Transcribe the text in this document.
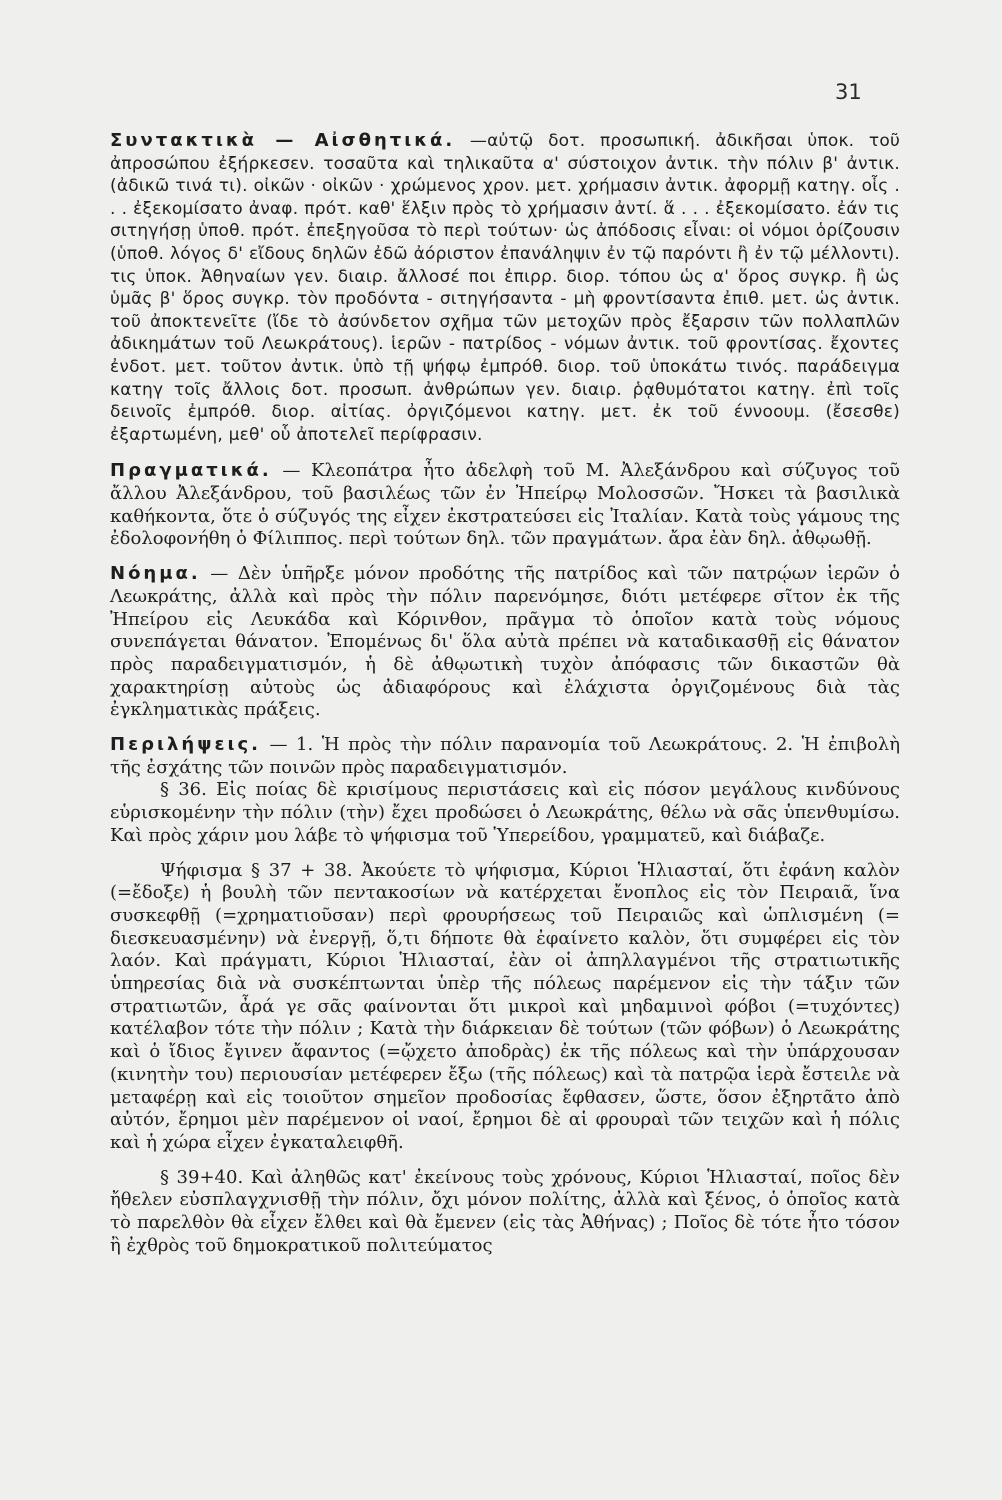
31

Συντακτικὰ — Αἰσθητικά. —αὐτῷ δοτ. προσωπική. ἀδικῆσαι ὑποκ. τοῦ ἀπροσώπου ἐξήρκεσεν. τοσαῦτα καὶ τηλικαῦτα α' σύστοιχον ἀντικ. τὴν πόλιν β' ἀντικ. (ἀδικῶ τινά τι). οἰκῶν · οἰκῶν · χρώμενος χρον. μετ. χρήμασιν ἀντικ. ἀφορμῇ κατηγ. οἷς . . . ἐξεκομίσατο ἀναφ. πρότ. καθ' ἕλξιν πρὸς τὸ χρήμασιν ἀντί. ἅ . . . ἐξεκομίσατο. ἐάν τις σιτηγήσῃ ὑποθ. πρότ. ἐπεξηγοῦσα τὸ περὶ τούτων· ὡς ἀπόδοσις εἶναι: οἱ νόμοι ὁρίζουσιν (ὑποθ. λόγος δ' εἴδους δηλῶν ἐδῶ ἀόριστον ἐπανάληψιν ἐν τῷ παρόντι ἢ ἐν τῷ μέλλοντι). τις ὑποκ. Ἀθηναίων γεν. διαιρ. ἄλλοσέ ποι ἐπιρρ. διορ. τόπου ὡς α' ὅρος συγκρ. ἢ ὡς ὑμᾶς β' ὅρος συγκρ. τὸν προδόντα - σιτηγήσαντα - μὴ φροντίσαντα ἐπιθ. μετ. ὡς ἀντικ. τοῦ ἀποκτενεῖτε (ἴδε τὸ ἀσύνδετον σχῆμα τῶν μετοχῶν πρὸς ἔξαρσιν τῶν πολλαπλῶν ἀδικημάτων τοῦ Λεωκράτους). ἱερῶν - πατρίδος - νόμων ἀντικ. τοῦ φροντίσας. ἔχοντες ἐνδοτ. μετ. τοῦτον ἀντικ. ὑπὸ τῇ ψήφῳ ἐμπρόθ. διορ. τοῦ ὑποκάτω τινός. παράδειγμα κατηγ τοῖς ἄλλοις δοτ. προσωπ. ἀνθρώπων γεν. διαιρ. ῥᾳθυμότατοι κατηγ. ἐπὶ τοῖς δεινοῖς ἐμπρόθ. διορ. αἰτίας. ὀργιζόμενοι κατηγ. μετ. ἐκ τοῦ έννοουμ. (ἔσεσθε) ἐξαρτωμένη, μεθ' οὗ ἀποτελεῖ περίφρασιν.

Πραγματικά. — Κλεοπάτρα ἦτο ἀδελφὴ τοῦ Μ. Ἀλεξάνδρου καὶ σύζυγος τοῦ ἄλλου Ἀλεξάνδρου, τοῦ βασιλέως τῶν ἐν Ἠπείρῳ Μολοσσῶν. Ἤσκει τὰ βασιλικὰ καθήκοντα, ὅτε ὁ σύζυγός της εἶχεν ἐκστρατεύσει εἰς Ἰταλίαν. Κατὰ τοὺς γάμους της ἐδολοφονήθη ὁ Φίλιππος. περὶ τούτων δηλ. τῶν πραγμάτων. ἄρα ἐὰν δηλ. ἀθῳωθῇ.

Νόημα. — Δὲν ὑπῆρξε μόνον προδότης τῆς πατρίδος καὶ τῶν πατρῴων ἱερῶν ὁ Λεωκράτης, ἀλλὰ καὶ πρὸς τὴν πόλιν παρενόμησε, διότι μετέφερε σῖτον ἐκ τῆς Ἠπείρου εἰς Λευκάδα καὶ Κόρινθον, πρᾶγμα τὸ ὁποῖον κατὰ τοὺς νόμους συνεπάγεται θάνατον. Ἐπομένως δι' ὅλα αὐτὰ πρέπει νὰ καταδικασθῇ εἰς θάνατον πρὸς παραδειγματισμόν, ἡ δὲ ἀθῳωτικὴ τυχὸν ἀπόφασις τῶν δικαστῶν θὰ χαρακτηρίσῃ αὐτοὺς ὡς ἀδιαφόρους καὶ ἐλάχιστα ὀργιζομένους διὰ τὰς ἐγκληματικὰς πράξεις.

Περιλήψεις. — 1. Ἡ πρὸς τὴν πόλιν παρανομία τοῦ Λεωκράτους. 2. Ἡ ἐπιβολὴ τῆς ἐσχάτης τῶν ποινῶν πρὸς παραδειγματισμόν.

§ 36. Εἰς ποίας δὲ κρισίμους περιστάσεις καὶ εἰς πόσον μεγάλους κινδύνους εὑρισκομένην τὴν πόλιν (τὴν) ἔχει προδώσει ὁ Λεωκράτης, θέλω νὰ σᾶς ὑπενθυμίσω. Καὶ πρὸς χάριν μου λάβε τὸ ψήφισμα τοῦ Ὑπερείδου, γραμματεῦ, καὶ διάβαζε.

Ψήφισμα § 37 + 38. Ἀκούετε τὸ ψήφισμα, Κύριοι Ἡλιασταί, ὅτι ἐφάνη καλὸν (=ἔδοξε) ἡ βουλὴ τῶν πεντακοσίων νὰ κατέρχεται ἔνοπλος εἰς τὸν Πειραιᾶ, ἵνα συσκεφθῇ (=χρηματιοῦσαν) περὶ φρουρήσεως τοῦ Πειραιῶς καὶ ὡπλισμένη (= διεσκευασμένην) νὰ ἐνεργῇ, ὅ,τι δήποτε θὰ ἐφαίνετο καλὸν, ὅτι συμφέρει εἰς τὸν λαόν. Καὶ πράγματι, Κύριοι Ἡλιασταί, ἐὰν οἱ ἀπηλλαγμένοι τῆς στρατιωτικῆς ὑπηρεσίας διὰ νὰ συσκέπτωνται ὑπὲρ τῆς πόλεως παρέμενον εἰς τὴν τάξιν τῶν στρατιωτῶν, ἆρά γε σᾶς φαίνονται ὅτι μικροὶ καὶ μηδαμινοὶ φόβοι (=τυχόντες) κατέλαβον τότε τὴν πόλιν ; Κατὰ τὴν διάρκειαν δὲ τούτων (τῶν φόβων) ὁ Λεωκράτης καὶ ὁ ἴδιος ἔγινεν ἄφαντος (=ᾤχετο ἀποδρὰς) ἐκ τῆς πόλεως καὶ τὴν ὑπάρχουσαν (κινητὴν του) περιουσίαν μετέφερεν ἔξω (τῆς πόλεως) καὶ τὰ πατρῷα ἱερὰ ἔστειλε νὰ μεταφέρῃ καὶ εἰς τοιοῦτον σημεῖον προδοσίας ἔφθασεν, ὥστε, ὅσον ἐξηρτᾶτο ἀπὸ αὐτόν, ἔρημοι μὲν παρέμενον οἱ ναοί, ἔρημοι δὲ αἱ φρουραὶ τῶν τειχῶν καὶ ἡ πόλις καὶ ἡ χώρα εἶχεν ἐγκαταλειφθῆ.

§ 39+40. Καὶ ἀληθῶς κατ' ἐκείνους τοὺς χρόνους, Κύριοι Ἡλιασταί, ποῖος δὲν ἤθελεν εὐσπλαγχνισθῇ τὴν πόλιν, ὄχι μόνον πολίτης, ἀλλὰ καὶ ξένος, ὁ ὁποῖος κατὰ τὸ παρελθὸν θὰ εἶχεν ἔλθει καὶ θὰ ἔμενεν (εἰς τὰς Ἀθήνας) ; Ποῖος δὲ τότε ἦτο τόσον ἢ ἐχθρὸς τοῦ δημοκρατικοῦ πολιτεύματος
